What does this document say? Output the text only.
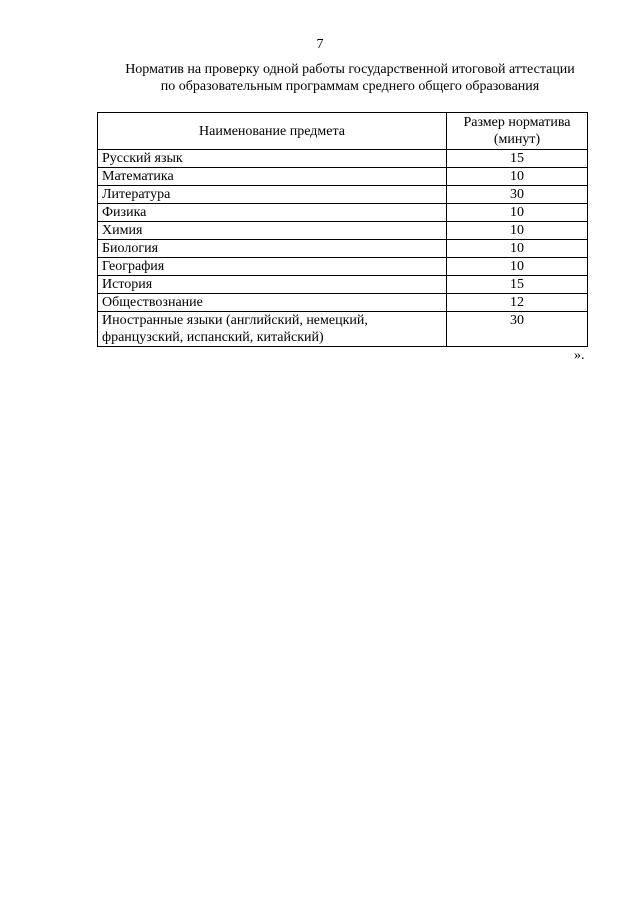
7
Норматив на проверку одной работы государственной итоговой аттестации
по образовательным программам среднего общего образования
Наименование предмета	Размер норматива (минут)
Русский язык	15
Математика	10
Литература	30
Физика	10
Химия	10
Биология	10
География	10
История	15
Обществознание	12
Иностранные языки (английский, немецкий, французский, испанский, китайский)	30
».
